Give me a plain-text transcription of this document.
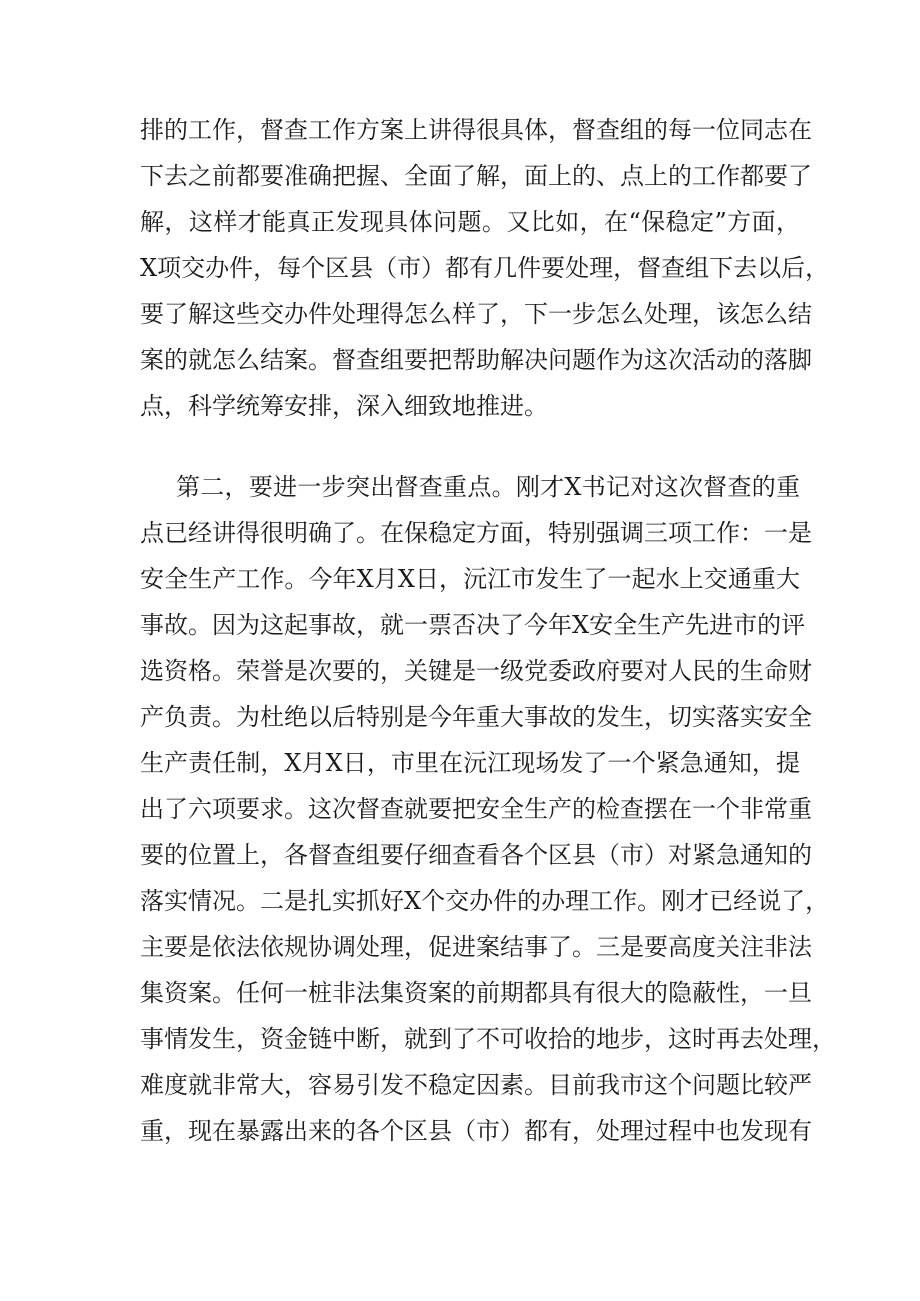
排的工作，督查工作方案上讲得很具体，督查组的每一位同志在
下去之前都要准确把握、全面了解，面上的、点上的工作都要了
解，这样才能真正发现具体问题。又比如，在“保稳定”方面，
X项交办件，每个区县（市）都有几件要处理，督查组下去以后，
要了解这些交办件处理得怎么样了，下一步怎么处理，该怎么结
案的就怎么结案。督查组要把帮助解决问题作为这次活动的落脚
点，科学统筹安排，深入细致地推进。
第二，要进一步突出督查重点。刚才X书记对这次督查的重
点已经讲得很明确了。在保稳定方面，特别强调三项工作：一是
安全生产工作。今年X月X日，沅江市发生了一起水上交通重大
事故。因为这起事故，就一票否决了今年X安全生产先进市的评
选资格。荣誉是次要的，关键是一级党委政府要对人民的生命财
产负责。为杜绝以后特别是今年重大事故的发生，切实落实安全
生产责任制，X月X日，市里在沅江现场发了一个紧急通知，提
出了六项要求。这次督查就要把安全生产的检查摆在一个非常重
要的位置上，各督查组要仔细查看各个区县（市）对紧急通知的
落实情况。二是扎实抓好X个交办件的办理工作。刚才已经说了，
主要是依法依规协调处理，促进案结事了。三是要高度关注非法
集资案。任何一桩非法集资案的前期都具有很大的隐蔽性，一旦
事情发生，资金链中断，就到了不可收拾的地步，这时再去处理，
难度就非常大，容易引发不稳定因素。目前我市这个问题比较严
重，现在暴露出来的各个区县（市）都有，处理过程中也发现有
